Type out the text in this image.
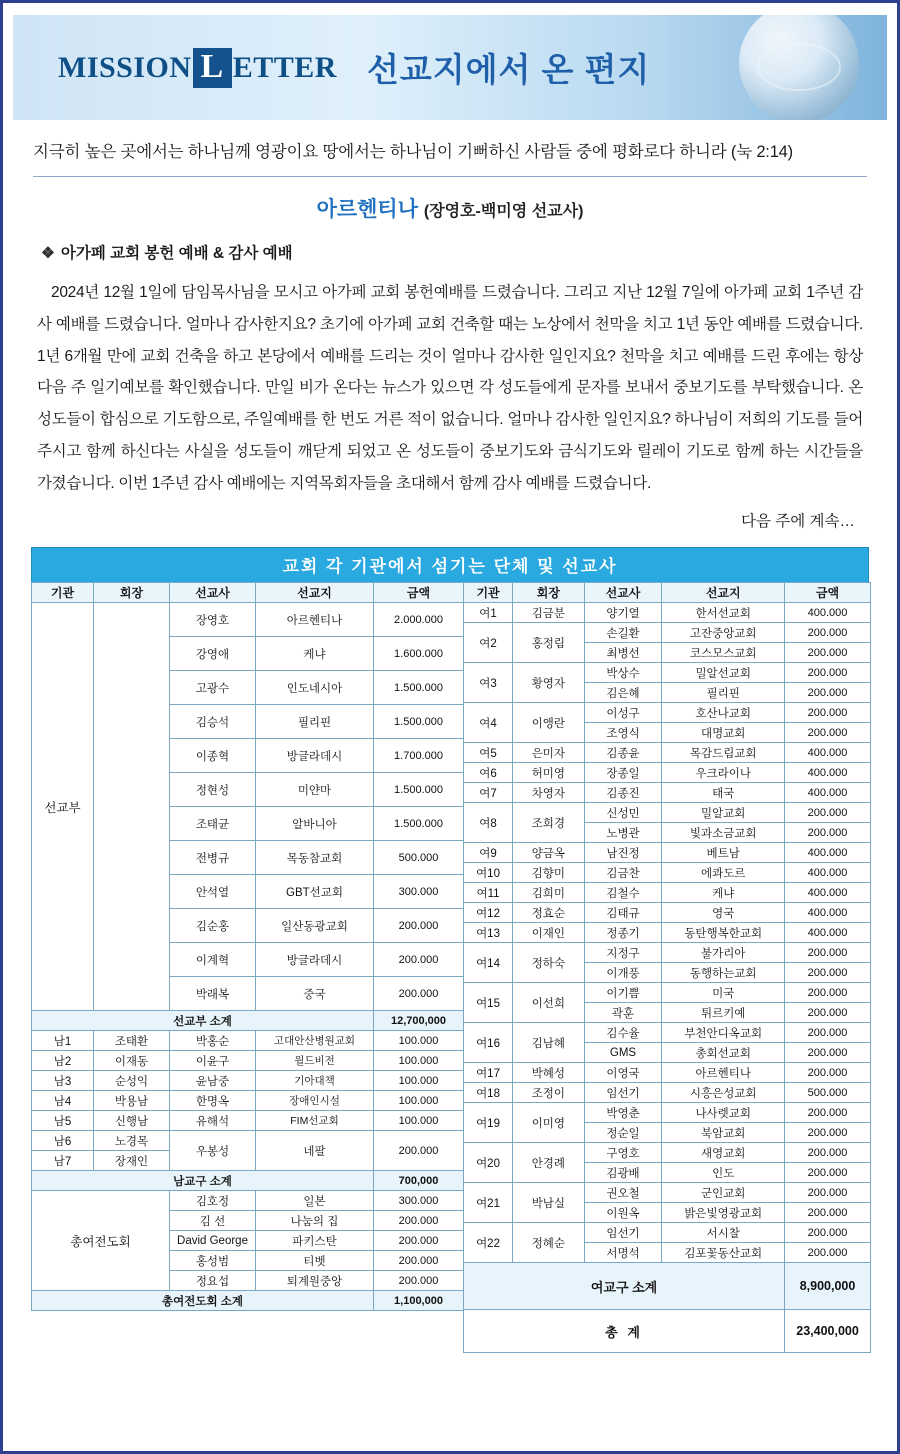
MISSION L ETTER 선교지에서 온 편지
지극히 높은 곳에서는 하나님께 영광이요 땅에서는 하나님이 기뻐하신 사람들 중에 평화로다 하니라 (눅 2:14)
아르헨티나 (장영호-백미영 선교사)
❖ 아가페 교회 봉헌 예배 & 감사 예배
2024년 12월 1일에 담임목사님을 모시고 아가페 교회 봉헌예배를 드렸습니다. 그리고 지난 12월 7일에 아가페 교회 1주년 감사 예배를 드렸습니다. 얼마나 감사한지요? 초기에 아가페 교회 건축할 때는 노상에서 천막을 치고 1년 동안 예배를 드렸습니다. 1년 6개월 만에 교회 건축을 하고 본당에서 예배를 드리는 것이 얼마나 감사한 일인지요? 천막을 치고 예배를 드린 후에는 항상 다음 주 일기예보를 확인했습니다. 만일 비가 온다는 뉴스가 있으면 각 성도들에게 문자를 보내서 중보기도를 부탁했습니다. 온 성도들이 합심으로 기도함으로, 주일예배를 한 번도 거른 적이 없습니다. 얼마나 감사한 일인지요? 하나님이 저희의 기도를 들어 주시고 함께 하신다는 사실을 성도들이 깨닫게 되었고 온 성도들이 중보기도와 금식기도와 릴레이 기도로 함께 하는 시간들을 가졌습니다. 이번 1주년 감사 예배에는 지역목회자들을 초대해서 함께 감사 예배를 드렸습니다.
다음 주에 계속…
교회 각 기관에서 섬기는 단체 및 선교사
기관	회장	선교사	선교지	금액
선교부		장영호	아르헨티나	2.000.000
		강영애	케냐	1.600.000
		고광수	인도네시아	1.500.000
		김승석	필리핀	1.500.000
		이종혁	방글라데시	1.700.000
		정현성	미얀마	1.500.000
		조태균	알바니아	1.500.000
		전병규	목동참교회	500.000
		안석열	GBT선교회	300.000
		김순홍	일산동광교회	200.000
		이계혁	방글라데시	200.000
		박래복	중국	200.000
선교부 소계				12,700,000
남1	조태환	박홍순	고대안산병원교회	100.000
남2	이재동	이윤구	월드비전	100.000
남3	순성익	윤남중	기아대책	100.000
남4	박용남	한명옥	장애인시설	100.000
남5	신행남	유해석	FIM선교회	100.000
남6	노경목	우봉성	네팔	200.000
남7	장재인			
남교구 소계				700,000
총여전도회		김호정	일본	300.000
		김 선	나눔의 집	200.000
		David George	파키스탄	200.000
		홍성범	티벳	200.000
		정요섭	퇴계원중앙	200.000
총여전도회 소계				1,100,000
기관	회장	선교사	선교지	금액
여1	김금분	양기열	한서선교회	400.000
여2	홍정림	손길환	고잔중앙교회	200.000
		최병선	코스모스교회	200.000
여3	황영자	박상수	밀알선교회	200.000
		김은혜	필리핀	200.000
여4	이앵란	이성구	호산나교회	200.000
		조영식	대명교회	200.000
여5	은미자	김종윤	목감드림교회	400.000
여6	허미영	장종일	우크라이나	400.000
여7	차영자	김종진	태국	400.000
여8	조희경	신성민	밀알교회	200.000
		노병관	빛과소금교회	200.000
여9	양금옥	남진정	베트남	400.000
여10	김향미	김금찬	에콰도르	400.000
여11	김희미	김철수	케냐	400.000
여12	정효순	김태규	영국	400.000
여13	이재인	정종기	동탄행복한교회	400.000
여14	정하숙	지정구	불가리아	200.000
		이개풍	동행하는교회	200.000
여15	이선희	이기쁨	미국	200.000
		곽훈	튀르키예	200.000
여16	김남혜	김수율	부천안디옥교회	200.000
		GMS	총회선교회	200.000
여17	박혜성	이영국	아르헨티나	200.000
여18	조정이	임선기	시흥은성교회	500.000
여19	이미영	박영춘	나사렛교회	200.000
		정순일	북암교회	200.000
여20	안경례	구영호	새영교회	200.000
		김광배	인도	200.000
여21	박남실	권오철	군인교회	200.000
		이원옥	밝은빛영광교회	200.000
여22	정혜순	임선기	서시찰	200.000
		서명석	김포꽃동산교회	200.000
여교구 소계				8,900,000
총 계				23,400,000
